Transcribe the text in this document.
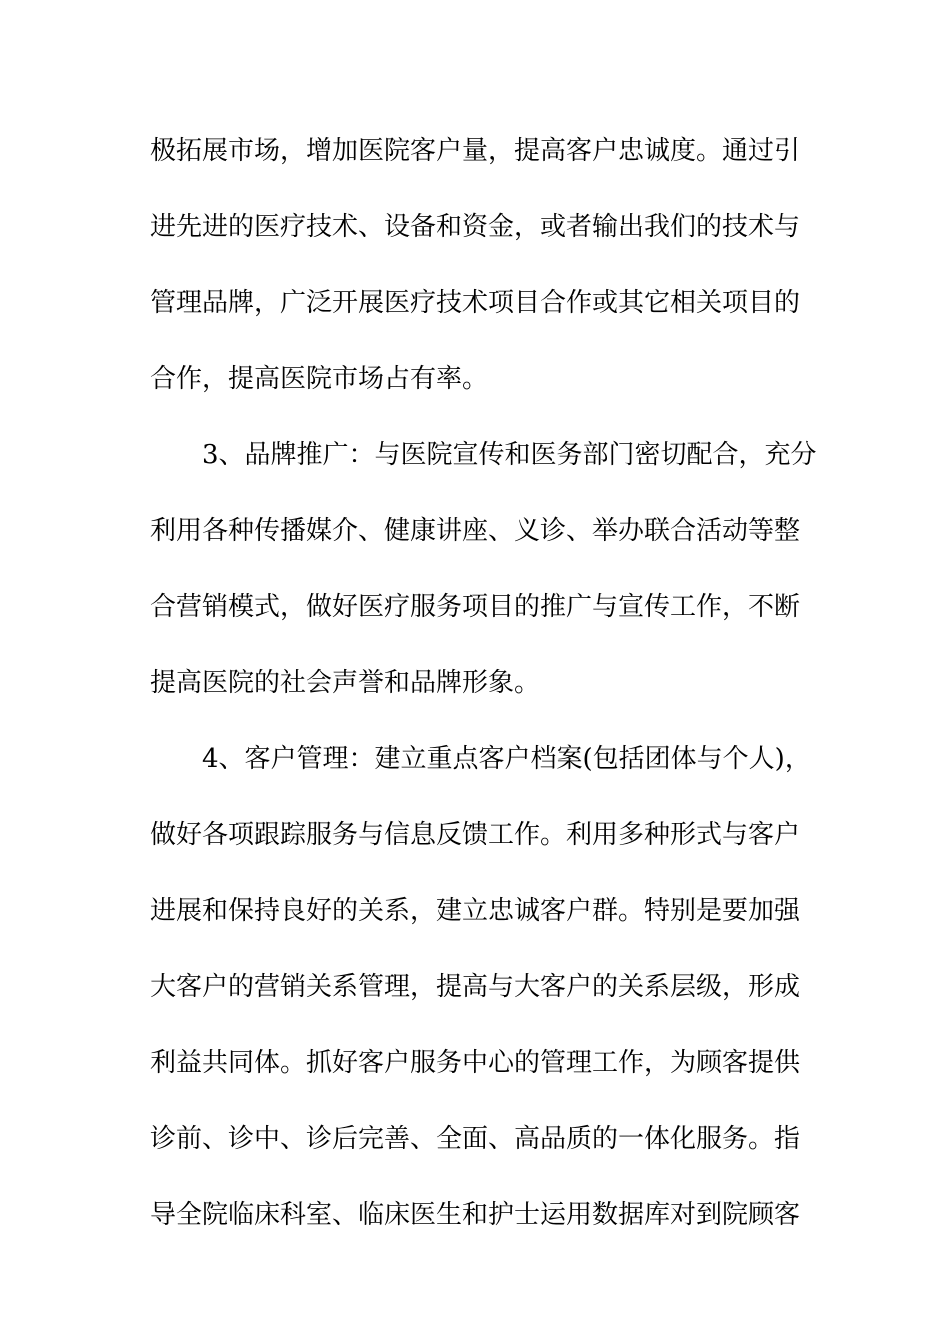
极拓展市场，增加医院客户量，提高客户忠诚度。通过引
进先进的医疗技术、设备和资金，或者输出我们的技术与
管理品牌，广泛开展医疗技术项目合作或其它相关项目的
合作，提高医院市场占有率。
3、品牌推广：与医院宣传和医务部门密切配合，充分
利用各种传播媒介、健康讲座、义诊、举办联合活动等整
合营销模式，做好医疗服务项目的推广与宣传工作，不断
提高医院的社会声誉和品牌形象。
4、客户管理：建立重点客户档案(包括团体与个人)，
做好各项跟踪服务与信息反馈工作。利用多种形式与客户
进展和保持良好的关系，建立忠诚客户群。特别是要加强
大客户的营销关系管理，提高与大客户的关系层级，形成
利益共同体。抓好客户服务中心的管理工作，为顾客提供
诊前、诊中、诊后完善、全面、高品质的一体化服务。指
导全院临床科室、临床医生和护士运用数据库对到院顾客
